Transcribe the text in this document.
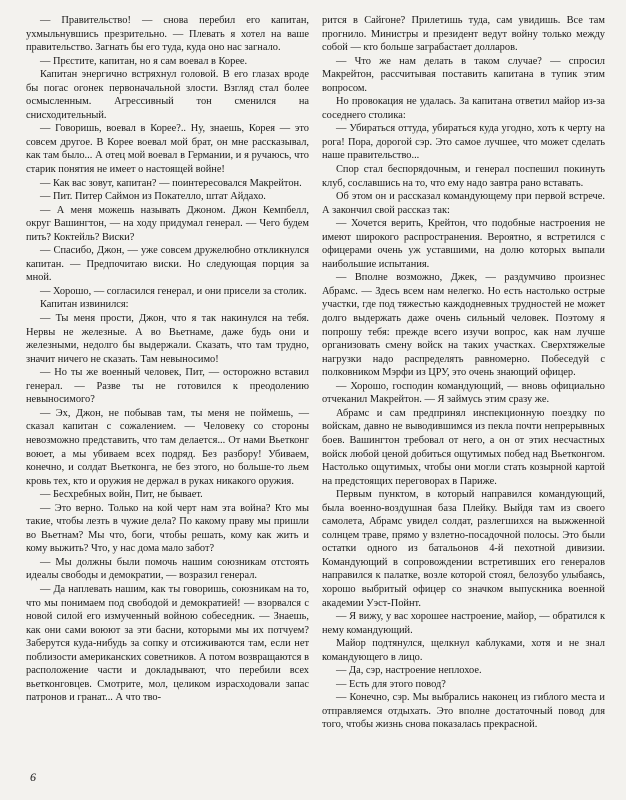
— Правительство! — снова перебил его капитан, ухмыльнувшись презрительно. — Плевать я хотел на ваше правительство. Загнать бы его туда, куда оно нас загнало.

— Прєстите, капитан, но я сам воевал в Корее.

Капитан энергично встряхнул головой. В его глазах вроде бы погас огонек первоначальной злости. Взгляд стал более осмысленным. Агрессивный тон сменился на снисходительный.

— Говоришь, воевал в Корее?.. Ну, знаешь, Корея — это совсем другое. В Корее воевал мой брат, он мне рассказывал, как там было... А отец мой воевал в Германии, и я ручаюсь, что старик понятия не имеет о настоящей войне!

— Как вас зовут, капитан? — поинтересовался Макрейтон.

— Пит. Питер Саймон из Покателло, штат Айдахо.

— А меня можешь называть Джоном. Джон Кемпбелл, округ Вашингтон, — на ходу придумал генерал. — Чего будем пить? Коктейль? Виски?

— Спасибо, Джон, — уже совсем дружелюбно откликнулся капитан. — Предпочитаю виски. Но следующая порция за мной.

— Хорошо, — согласился генерал, и они присели за столик.

Капитан извинился:

— Ты меня прости, Джон, что я так накинулся на тебя. Нервы не железные. А во Вьетнаме, даже будь они и железными, недолго бы выдержали. Сказать, что там трудно, значит ничего не сказать. Там невыносимо!

— Но ты же военный человек, Пит, — осторожно вставил генерал. — Разве ты не готовился к преодолению невыносимого?

— Эх, Джон, не побывав там, ты меня не поймешь, — сказал капитан с сожалением. — Человеку со стороны невозможно представить, что там делается... От нами Вьетконг воюет, а мы убиваем всех подряд. Без разбору! Убиваем, конечно, и солдат Вьетконга, не без этого, но больше-то льем кровь тех, кто и оружия не держал в руках никакого оружия.

— Бесхребных войн, Пит, не бывает.

— Это верно. Только на кой черт нам эта война? Кто мы такие, чтобы лезть в чужие дела? По какому праву мы пришли во Вьетнам? Мы что, боги, чтобы решать, кому как жить и кому выжить? Что, у нас дома мало забот?

— Мы должны были помочь нашим союзникам отстоять идеалы свободы и демократии, — возразил генерал.

— Да наплевать нашим, как ты говоришь, союзникам на то, что мы понимаем под свободой и демократией! — взорвался с новой силой его измученный войною собеседник. — Знаешь, как они сами воюют за эти басни, которыми мы их потчуем? Заберутся куда-нибудь за сопку и отсиживаются там, если нет поблизости американских советников. А потом возвращаются в расположение части и докладывают, что перебили всех вьетконговцев. Смотрите, мол, целиком израсходовали запас патронов и гранат... А что тво-

рится в Сайгоне? Прилетишь туда, сам увидишь. Все там прогнило. Министры и президент ведут войну только между собой — кто больше заграбастает долларов.

— Что же нам делать в таком случае? — спросил Макрейтон, рассчитывая поставить капитана в тупик этим вопросом.

Но провокация не удалась. За капитана ответил майор из-за соседнего столика:

— Убираться оттуда, убираться куда угодно, хоть к черту на рога! Пора, дорогой сэр. Это самое лучшее, что может сделать наше правительство...

Спор стал беспорядочным, и генерал поспешил покинуть клуб, сославшись на то, что ему надо завтра рано вставать.

Об этом он и рассказал командующему при первой встрече. А закончил свой рассказ так:

— Хочется верить, Крейтон, что подобные настроения не имеют широкого распространения. Вероятно, я встретился с офицерами очень уж уставшими, на долю которых выпали наибольшие испытания.

— Вполне возможно, Джек, — раздумчиво произнес Абрамс. — Здесь всем нам нелегко. Но есть настолько острые участки, где под тяжестью каждодневных трудностей не может долго выдержать даже очень сильный человек. Поэтому я попрошу тебя: прежде всего изучи вопрос, как нам лучше организовать смену войск на таких участках. Сверхтяжелые нагрузки надо распределять равномерно. Побеседуй с полковником Мэрфи из ЦРУ, это очень знающий офицер.

— Хорошо, господин командующий, — вновь официально отчеканил Макрейтон. — Я займусь этим сразу же.

Абрамс и сам предпринял инспекционную поездку по войскам, давно не выводившимся из пекла почти непрерывных боев. Вашингтон требовал от него, а он от этих несчастных войск любой ценой добиться ощутимых побед над Вьетконгом. Настолько ощутимых, чтобы они могли стать козырной картой на предстоящих переговорах в Париже.

Первым пунктом, в который направился командующий, была военно-воздушная база Плейку. Выйдя там из своего самолета, Абрамс увидел солдат, разлегшихся на выжженной солнцем траве, прямо у взлетно-посадочной полосы. Это были остатки одного из батальонов 4-й пехотной дивизии. Командующий в сопровождении встретивших его генералов направился к палатке, возле которой стоял, белозубо улыбаясь, хорошо выбритый офицер со значком выпускника военной академии Уэст-Пойнт.

— Я вижу, у вас хорошее настроение, майор, — обратился к нему командующий.

Майор подтянулся, щелкнул каблуками, хотя и не знал командующего в лицо.

— Да, сэр, настроение неплохое.

— Есть для этого повод?

— Конечно, сэр. Мы выбрались наконец из гиблого места и отправляемся отдыхать. Это вполне достаточный повод для того, чтобы жизнь снова показалась прекрасной.

6
